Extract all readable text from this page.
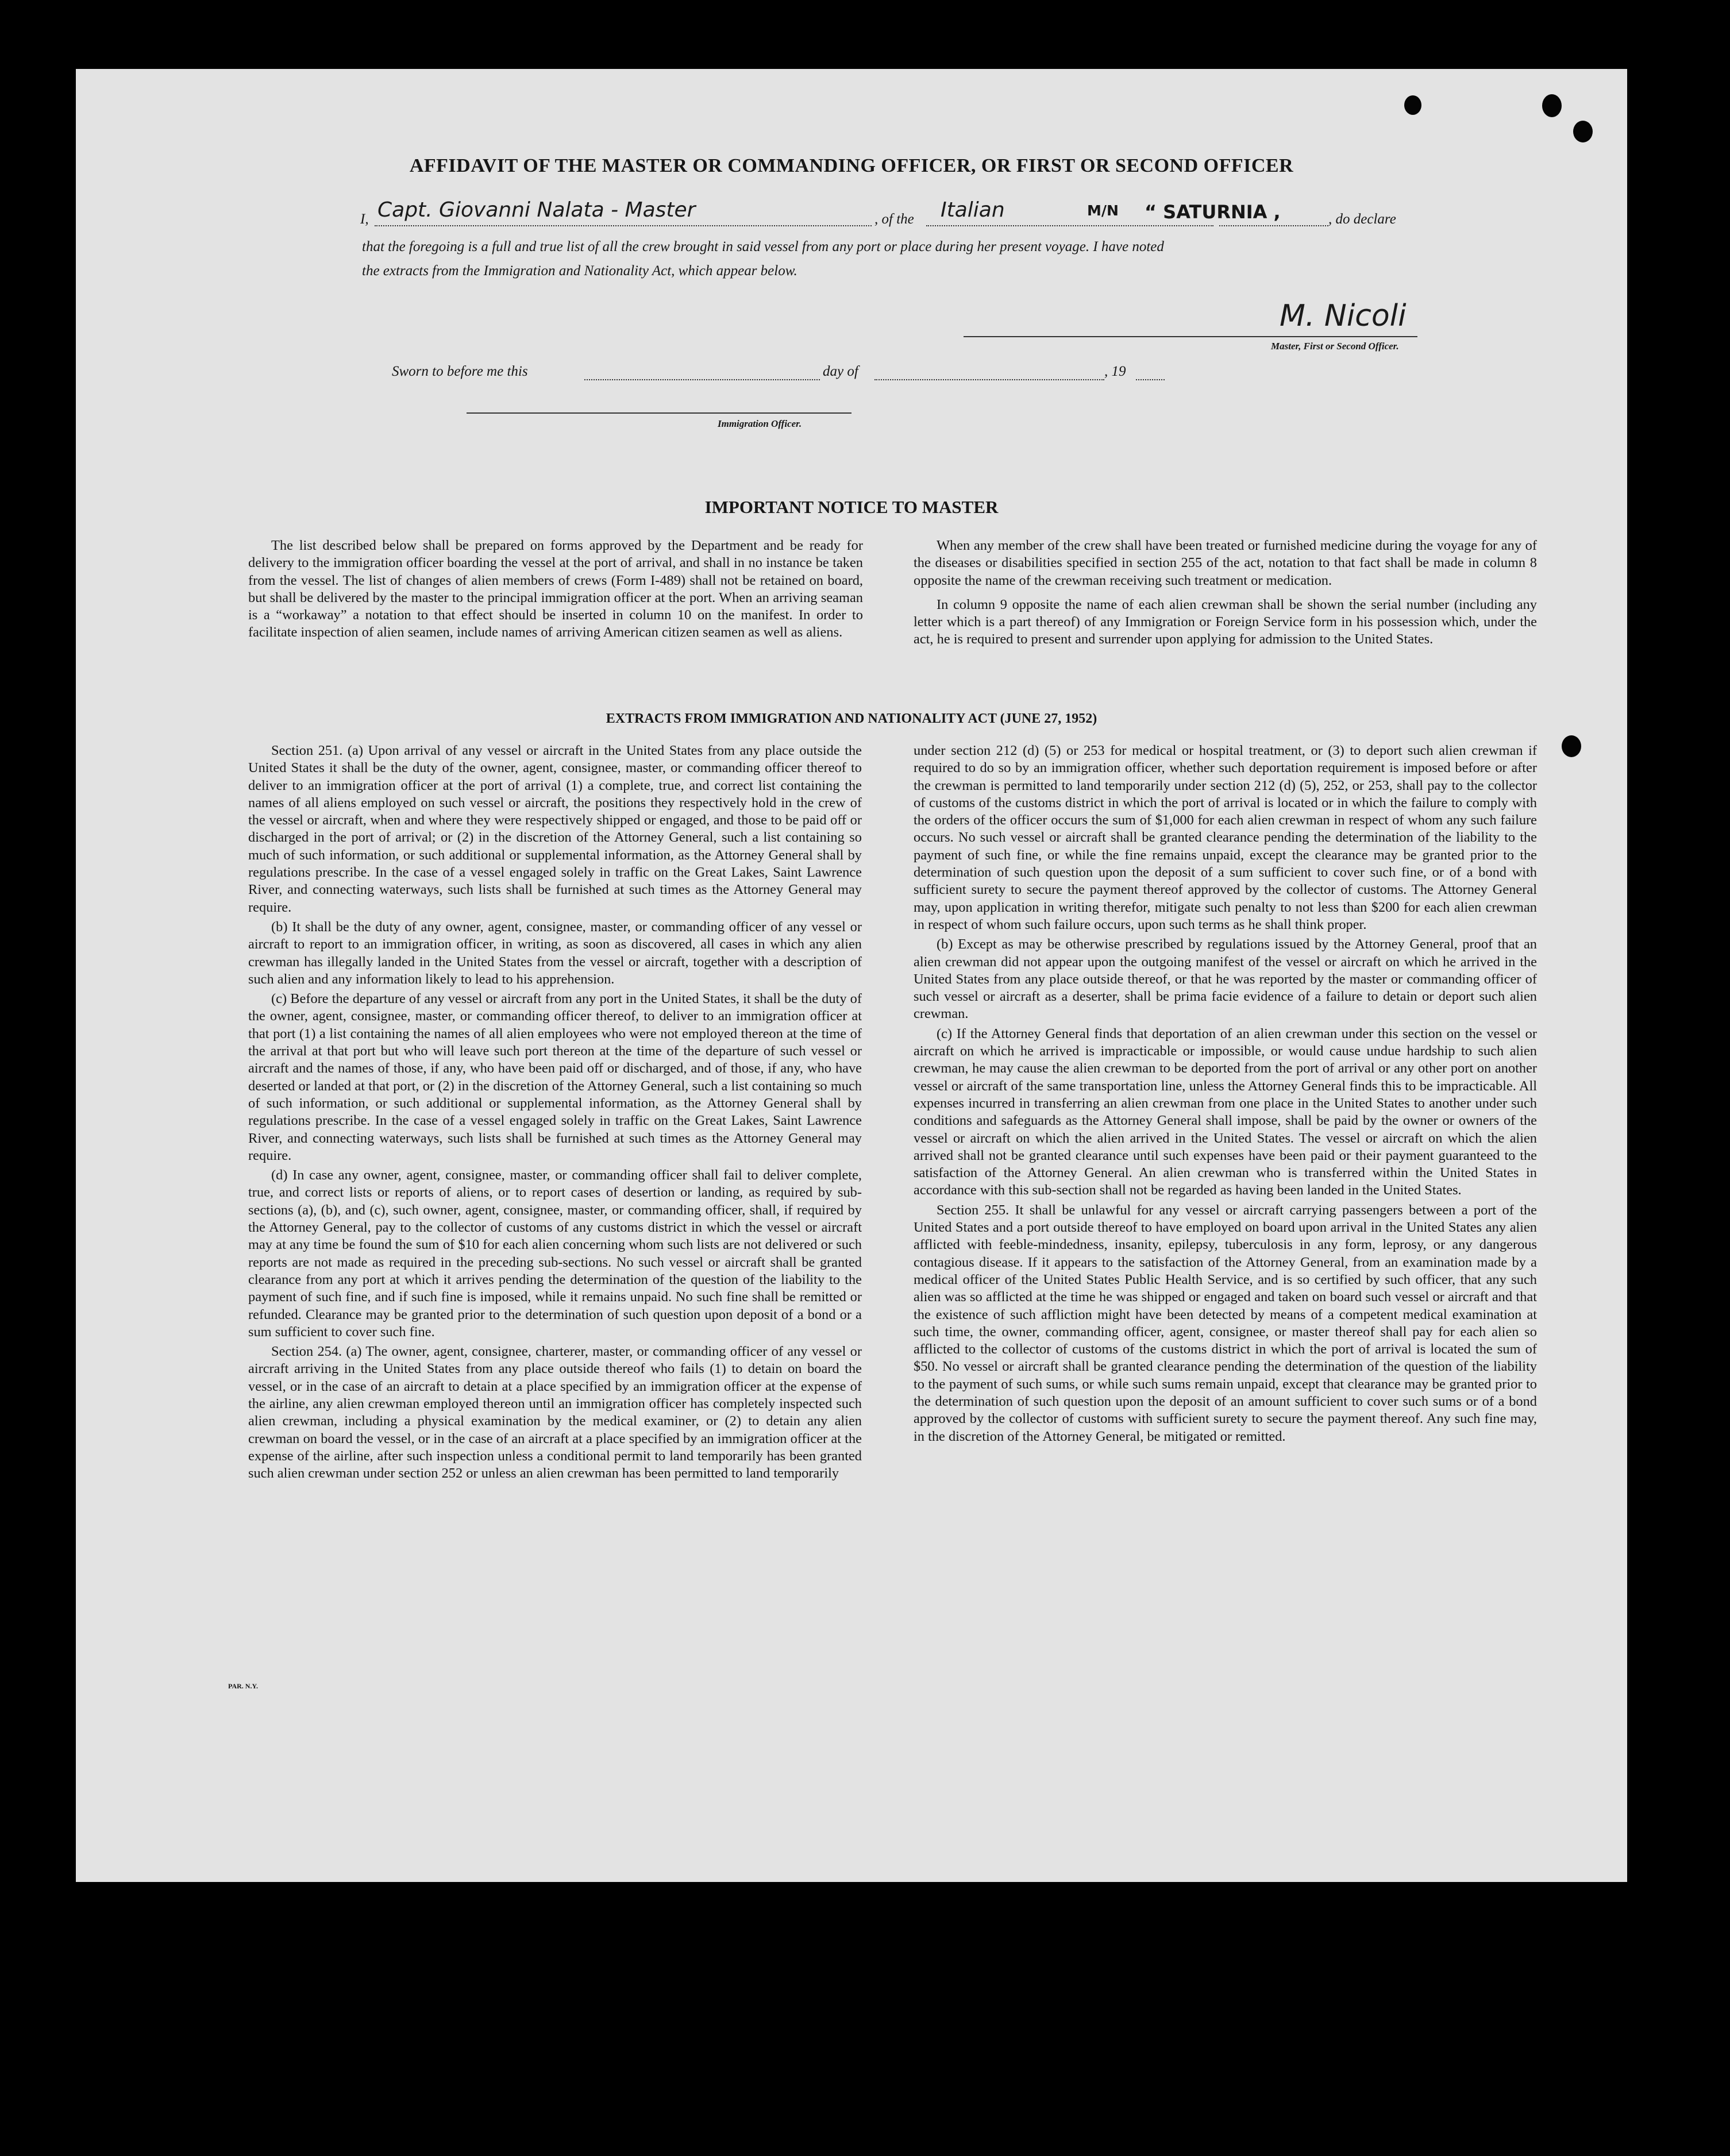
AFFIDAVIT OF THE MASTER OR COMMANDING OFFICER, OR FIRST OR SECOND OFFICER
I, Capt. Giovanni Nalata - Master	, of the Italian	M/N “ SATURNIA ,	, do declare
that the foregoing is a full and true list of all the crew brought in said vessel from any port or place during her present voyage. I have noted
the extracts from the Immigration and Nationality Act, which appear below.
M. Nicoli
Master, First or Second Officer.
Sworn to before me this	day of	, 19
Immigration Officer.
IMPORTANT NOTICE TO MASTER

The list described below shall be prepared on forms approved by the Department and be ready for delivery to the immigration officer boarding the vessel at the port of arrival, and shall in no instance be taken from the vessel. The list of changes of alien members of crews (Form I-489) shall not be retained on board, but shall be delivered by the master to the principal immigration officer at the port. When an arriving seaman is a “workaway” a notation to that effect should be inserted in column 10 on the manifest. In order to facilitate inspection of alien seamen, include names of arriving American citizen seamen as well as aliens.

When any member of the crew shall have been treated or furnished medicine during the voyage for any of the diseases or disabilities specified in section 255 of the act, notation to that fact shall be made in column 8 opposite the name of the crewman receiving such treatment or medication.

In column 9 opposite the name of each alien crewman shall be shown the serial number (including any letter which is a part thereof) of any Immigration or Foreign Service form in his possession which, under the act, he is required to present and surrender upon applying for admission to the United States.

EXTRACTS FROM IMMIGRATION AND NATIONALITY ACT (JUNE 27, 1952)

Section 251. (a) Upon arrival of any vessel or aircraft in the United States from any place outside the United States it shall be the duty of the owner, agent, consignee, master, or commanding officer thereof to deliver to an immigration officer at the port of arrival (1) a complete, true, and correct list containing the names of all aliens employed on such vessel or aircraft, the positions they respectively hold in the crew of the vessel or aircraft, when and where they were respectively shipped or engaged, and those to be paid off or discharged in the port of arrival; or (2) in the discretion of the Attorney General, such a list containing so much of such information, or such additional or supplemental information, as the Attorney General shall by regulations prescribe. In the case of a vessel engaged solely in traffic on the Great Lakes, Saint Lawrence River, and connecting waterways, such lists shall be furnished at such times as the Attorney General may require.

(b) It shall be the duty of any owner, agent, consignee, master, or commanding officer of any vessel or aircraft to report to an immigration officer, in writing, as soon as discovered, all cases in which any alien crewman has illegally landed in the United States from the vessel or aircraft, together with a description of such alien and any information likely to lead to his apprehension.

(c) Before the departure of any vessel or aircraft from any port in the United States, it shall be the duty of the owner, agent, consignee, master, or commanding officer thereof, to deliver to an immigration officer at that port (1) a list containing the names of all alien employees who were not employed thereon at the time of the arrival at that port but who will leave such port thereon at the time of the departure of such vessel or aircraft and the names of those, if any, who have been paid off or discharged, and of those, if any, who have deserted or landed at that port, or (2) in the discretion of the Attorney General, such a list containing so much of such information, or such additional or supplemental information, as the Attorney General shall by regulations prescribe. In the case of a vessel engaged solely in traffic on the Great Lakes, Saint Lawrence River, and connecting waterways, such lists shall be furnished at such times as the Attorney General may require.

(d) In case any owner, agent, consignee, master, or commanding officer shall fail to deliver complete, true, and correct lists or reports of aliens, or to report cases of desertion or landing, as required by sub-sections (a), (b), and (c), such owner, agent, consignee, master, or commanding officer, shall, if required by the Attorney General, pay to the collector of customs of any customs district in which the vessel or aircraft may at any time be found the sum of $10 for each alien concerning whom such lists are not delivered or such reports are not made as required in the preceding sub-sections. No such vessel or aircraft shall be granted clearance from any port at which it arrives pending the determination of the question of the liability to the payment of such fine, and if such fine is imposed, while it remains unpaid. No such fine shall be remitted or refunded. Clearance may be granted prior to the determination of such question upon deposit of a bond or a sum sufficient to cover such fine.

Section 254. (a) The owner, agent, consignee, charterer, master, or commanding officer of any vessel or aircraft arriving in the United States from any place outside thereof who fails (1) to detain on board the vessel, or in the case of an aircraft to detain at a place specified by an immigration officer at the expense of the airline, any alien crewman employed thereon until an immigration officer has completely inspected such alien crewman, including a physical examination by the medical examiner, or (2) to detain any alien crewman on board the vessel, or in the case of an aircraft at a place specified by an immigration officer at the expense of the airline, after such inspection unless a conditional permit to land temporarily has been granted such alien crewman under section 252 or unless an alien crewman has been permitted to land temporarily

under section 212 (d) (5) or 253 for medical or hospital treatment, or (3) to deport such alien crewman if required to do so by an immigration officer, whether such deportation requirement is imposed before or after the crewman is permitted to land temporarily under section 212 (d) (5), 252, or 253, shall pay to the collector of customs of the customs district in which the port of arrival is located or in which the failure to comply with the orders of the officer occurs the sum of $1,000 for each alien crewman in respect of whom any such failure occurs. No such vessel or aircraft shall be granted clearance pending the determination of the liability to the payment of such fine, or while the fine remains unpaid, except the clearance may be granted prior to the determination of such question upon the deposit of a sum sufficient to cover such fine, or of a bond with sufficient surety to secure the payment thereof approved by the collector of customs. The Attorney General may, upon application in writing therefor, mitigate such penalty to not less than $200 for each alien crewman in respect of whom such failure occurs, upon such terms as he shall think proper.

(b) Except as may be otherwise prescribed by regulations issued by the Attorney General, proof that an alien crewman did not appear upon the outgoing manifest of the vessel or aircraft on which he arrived in the United States from any place outside thereof, or that he was reported by the master or commanding officer of such vessel or aircraft as a deserter, shall be prima facie evidence of a failure to detain or deport such alien crewman.

(c) If the Attorney General finds that deportation of an alien crewman under this section on the vessel or aircraft on which he arrived is impracticable or impossible, or would cause undue hardship to such alien crewman, he may cause the alien crewman to be deported from the port of arrival or any other port on another vessel or aircraft of the same transportation line, unless the Attorney General finds this to be impracticable. All expenses incurred in transferring an alien crewman from one place in the United States to another under such conditions and safeguards as the Attorney General shall impose, shall be paid by the owner or owners of the vessel or aircraft on which the alien arrived in the United States. The vessel or aircraft on which the alien arrived shall not be granted clearance until such expenses have been paid or their payment guaranteed to the satisfaction of the Attorney General. An alien crewman who is transferred within the United States in accordance with this sub-section shall not be regarded as having been landed in the United States.

Section 255. It shall be unlawful for any vessel or aircraft carrying passengers between a port of the United States and a port outside thereof to have employed on board upon arrival in the United States any alien afflicted with feeble-mindedness, insanity, epilepsy, tuberculosis in any form, leprosy, or any dangerous contagious disease. If it appears to the satisfaction of the Attorney General, from an examination made by a medical officer of the United States Public Health Service, and is so certified by such officer, that any such alien was so afflicted at the time he was shipped or engaged and taken on board such vessel or aircraft and that the existence of such affliction might have been detected by means of a competent medical examination at such time, the owner, commanding officer, agent, consignee, or master thereof shall pay for each alien so afflicted to the collector of customs of the customs district in which the port of arrival is located the sum of $50. No vessel or aircraft shall be granted clearance pending the determination of the question of the liability to the payment of such sums, or while such sums remain unpaid, except that clearance may be granted prior to the determination of such question upon the deposit of an amount sufficient to cover such sums or of a bond approved by the collector of customs with sufficient surety to secure the payment thereof. Any such fine may, in the discretion of the Attorney General, be mitigated or remitted.

PAR. N.Y.
